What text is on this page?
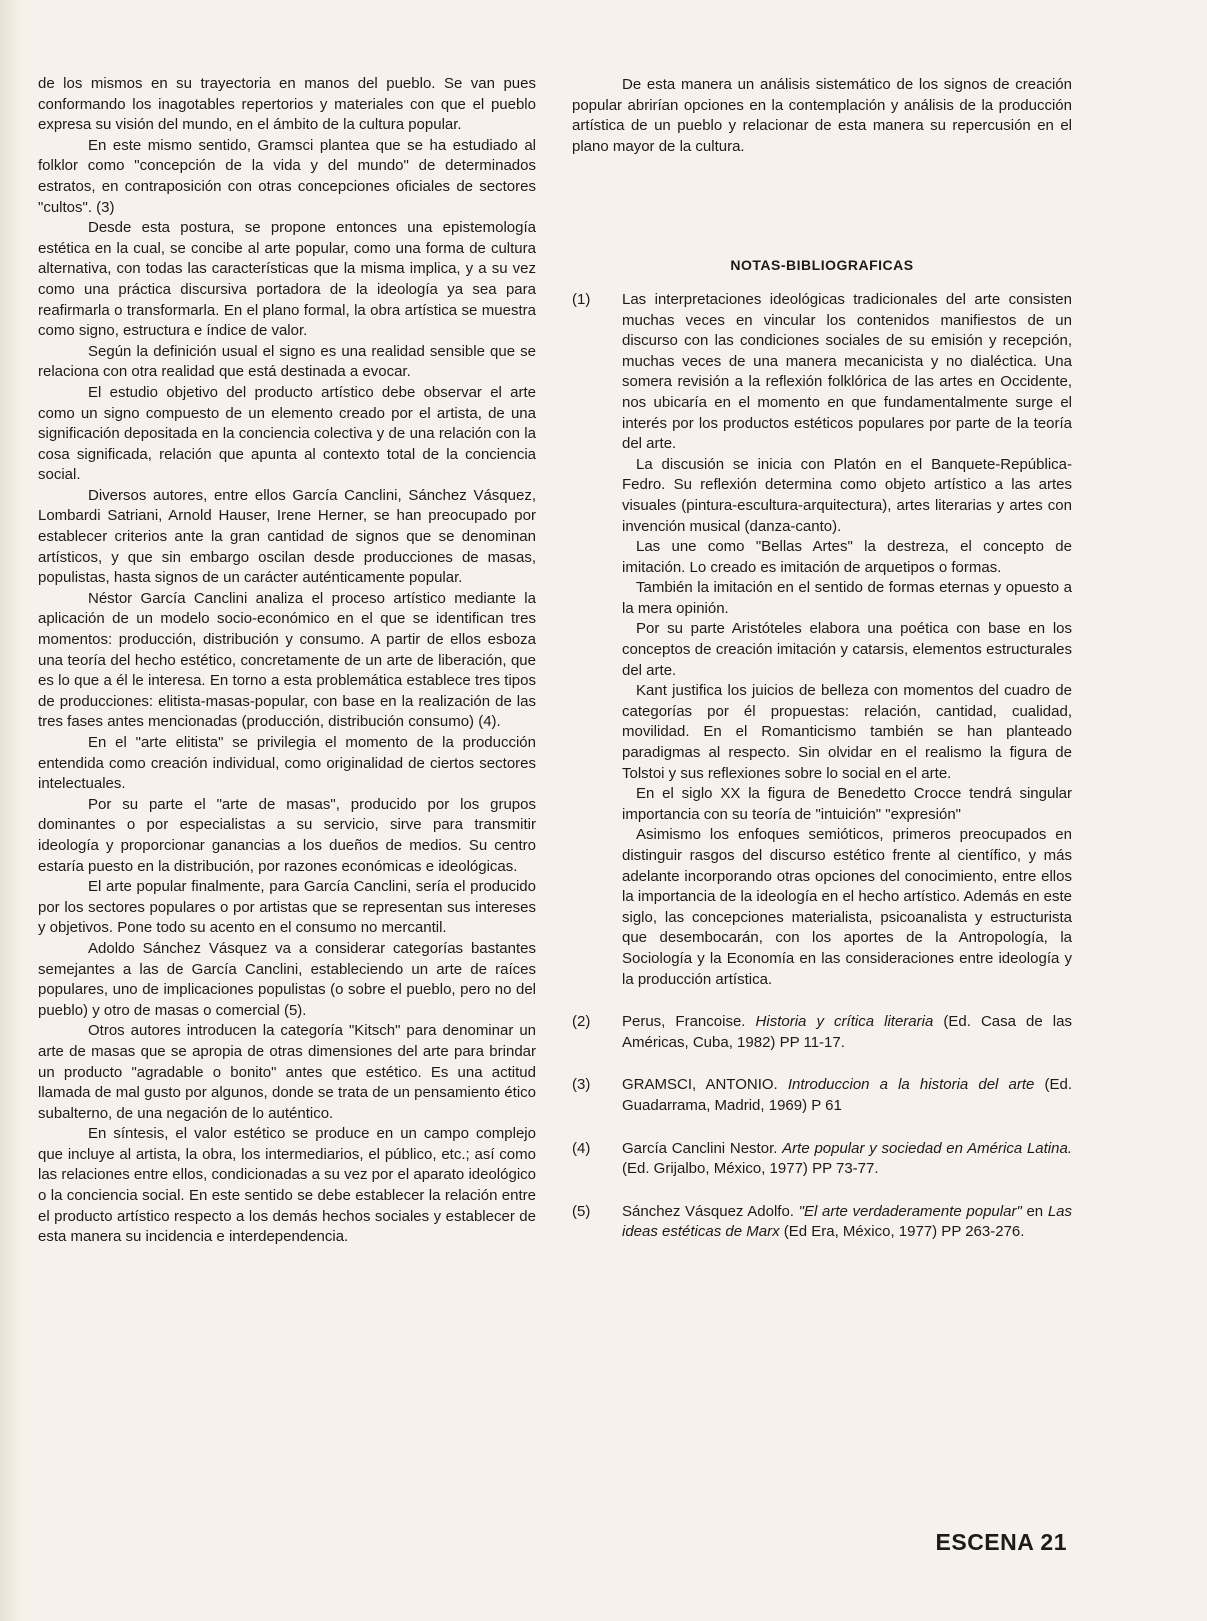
de los mismos en su trayectoria en manos del pueblo. Se van pues conformando los inagotables repertorios y materiales con que el pueblo expresa su visión del mundo, en el ámbito de la cultura popular.

En este mismo sentido, Gramsci plantea que se ha estudiado al folklor como "concepción de la vida y del mundo" de determinados estratos, en contraposición con otras concepciones oficiales de sectores "cultos". (3)

Desde esta postura, se propone entonces una epistemología estética en la cual, se concibe al arte popular, como una forma de cultura alternativa, con todas las características que la misma implica, y a su vez como una práctica discursiva portadora de la ideología ya sea para reafirmarla o transformarla. En el plano formal, la obra artística se muestra como signo, estructura e índice de valor.

Según la definición usual el signo es una realidad sensible que se relaciona con otra realidad que está destinada a evocar.

El estudio objetivo del producto artístico debe observar el arte como un signo compuesto de un elemento creado por el artista, de una significación depositada en la conciencia colectiva y de una relación con la cosa significada, relación que apunta al contexto total de la conciencia social.

Diversos autores, entre ellos García Canclini, Sánchez Vásquez, Lombardi Satriani, Arnold Hauser, Irene Herner, se han preocupado por establecer criterios ante la gran cantidad de signos que se denominan artísticos, y que sin embargo oscilan desde producciones de masas, populistas, hasta signos de un carácter auténticamente popular.

Néstor García Canclini analiza el proceso artístico mediante la aplicación de un modelo socio-económico en el que se identifican tres momentos: producción, distribución y consumo. A partir de ellos esboza una teoría del hecho estético, concretamente de un arte de liberación, que es lo que a él le interesa. En torno a esta problemática establece tres tipos de producciones: elitista-masas-popular, con base en la realización de las tres fases antes mencionadas (producción, distribución consumo) (4).

En el "arte elitista" se privilegia el momento de la producción entendida como creación individual, como originalidad de ciertos sectores intelectuales.

Por su parte el "arte de masas", producido por los grupos dominantes o por especialistas a su servicio, sirve para transmitir ideología y proporcionar ganancias a los dueños de medios. Su centro estaría puesto en la distribución, por razones económicas e ideológicas.

El arte popular finalmente, para García Canclini, sería el producido por los sectores populares o por artistas que se representan sus intereses y objetivos. Pone todo su acento en el consumo no mercantil.

Adoldo Sánchez Vásquez va a considerar categorías bastantes semejantes a las de García Canclini, estableciendo un arte de raíces populares, uno de implicaciones populistas (o sobre el pueblo, pero no del pueblo) y otro de masas o comercial (5).

Otros autores introducen la categoría "Kitsch" para denominar un arte de masas que se apropia de otras dimensiones del arte para brindar un producto "agradable o bonito" antes que estético. Es una actitud llamada de mal gusto por algunos, donde se trata de un pensamiento ético subalterno, de una negación de lo auténtico.

En síntesis, el valor estético se produce en un campo complejo que incluye al artista, la obra, los intermediarios, el público, etc.; así como las relaciones entre ellos, condicionadas a su vez por el aparato ideológico o la conciencia social. En este sentido se debe establecer la relación entre el producto artístico respecto a los demás hechos sociales y establecer de esta manera su incidencia e interdependencia.

De esta manera un análisis sistemático de los signos de creación popular abrirían opciones en la contemplación y análisis de la producción artística de un pueblo y relacionar de esta manera su repercusión en el plano mayor de la cultura.

NOTAS-BIBLIOGRAFICAS
(1)	Las interpretaciones ideológicas tradicionales del arte consisten muchas veces en vincular los contenidos manifiestos de un discurso con las condiciones sociales de su emisión y recepción, muchas veces de una manera mecanicista y no dialéctica. Una somera revisión a la reflexión folklórica de las artes en Occidente, nos ubicaría en el momento en que fundamentalmente surge el interés por los productos estéticos populares por parte de la teoría del arte.

La discusión se inicia con Platón en el Banquete-República-Fedro. Su reflexión determina como objeto artístico a las artes visuales (pintura-escultura-arquitectura), artes literarias y artes con invención musical (danza-canto).

Las une como "Bellas Artes" la destreza, el concepto de imitación. Lo creado es imitación de arquetipos o formas.

También la imitación en el sentido de formas eternas y opuesto a la mera opinión.

Por su parte Aristóteles elabora una poética con base en los conceptos de creación imitación y catarsis, elementos estructurales del arte.

Kant justifica los juicios de belleza con momentos del cuadro de categorías por él propuestas: relación, cantidad, cualidad, movilidad. En el Romanticismo también se han planteado paradigmas al respecto. Sin olvidar en el realismo la figura de Tolstoi y sus reflexiones sobre lo social en el arte.

En el siglo XX la figura de Benedetto Crocce tendrá singular importancia con su teoría de "intuición" "expresión"

Asimismo los enfoques semióticos, primeros preocupados en distinguir rasgos del discurso estético frente al científico, y más adelante incorporando otras opciones del conocimiento, entre ellos la importancia de la ideología en el hecho artístico. Además en este siglo, las concepciones materialista, psicoanalista y estructurista que desembocarán, con los aportes de la Antropología, la Sociología y la Economía en las consideraciones entre ideología y la producción artística.

(2)	Perus, Francoise. Historia y crítica literaria (Ed. Casa de las Américas, Cuba, 1982) PP 11-17.
(3)	GRAMSCI, ANTONIO. Introduccion a la historia del arte (Ed. Guadarrama, Madrid, 1969) P 61
(4)	García Canclini Nestor. Arte popular y sociedad en América Latina. (Ed. Grijalbo, México, 1977) PP 73-77.
(5)	Sánchez Vásquez Adolfo. "El arte verdaderamente popular" en Las ideas estéticas de Marx (Ed Era, México, 1977) PP 263-276.
ESCENA 21
